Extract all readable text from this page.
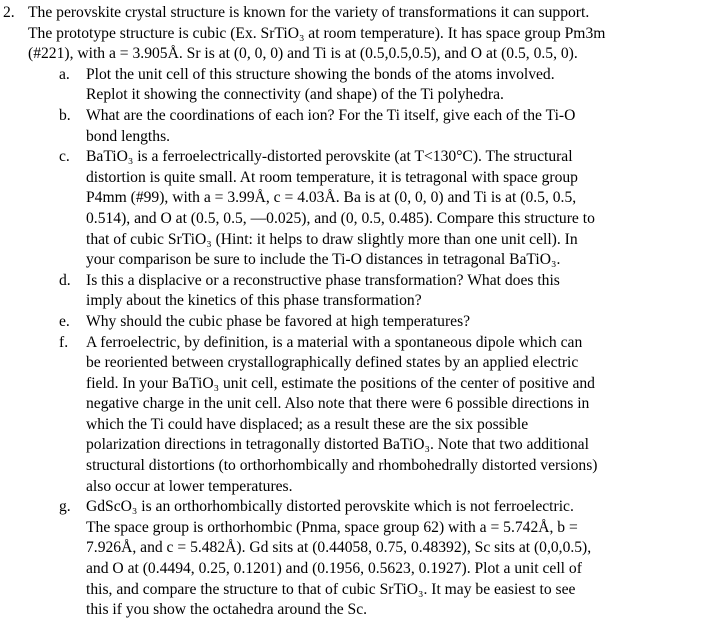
2. The perovskite crystal structure is known for the variety of transformations it can support.
The prototype structure is cubic (Ex. SrTiO₃ at room temperature). It has space group Pm3m
(#221), with a = 3.905Å. Sr is at (0, 0, 0) and Ti is at (0.5,0.5,0.5), and O at (0.5, 0.5, 0).
a. Plot the unit cell of this structure showing the bonds of the atoms involved.
Replot it showing the connectivity (and shape) of the Ti polyhedra.
b. What are the coordinations of each ion? For the Ti itself, give each of the Ti-O
bond lengths.
c. BaTiO₃ is a ferroelectrically-distorted perovskite (at T<130°C). The structural
distortion is quite small. At room temperature, it is tetragonal with space group
P4mm (#99), with a = 3.99Å, c = 4.03Å. Ba is at (0, 0, 0) and Ti is at (0.5, 0.5,
0.514), and O at (0.5, 0.5, —0.025), and (0, 0.5, 0.485). Compare this structure to
that of cubic SrTiO₃ (Hint: it helps to draw slightly more than one unit cell). In
your comparison be sure to include the Ti-O distances in tetragonal BaTiO₃.
d. Is this a displacive or a reconstructive phase transformation? What does this
imply about the kinetics of this phase transformation?
e. Why should the cubic phase be favored at high temperatures?
f. A ferroelectric, by definition, is a material with a spontaneous dipole which can
be reoriented between crystallographically defined states by an applied electric
field. In your BaTiO₃ unit cell, estimate the positions of the center of positive and
negative charge in the unit cell. Also note that there were 6 possible directions in
which the Ti could have displaced; as a result these are the six possible
polarization directions in tetragonally distorted BaTiO₃. Note that two additional
structural distortions (to orthorhombically and rhombohedrally distorted versions)
also occur at lower temperatures.
g. GdScO₃ is an orthorhombically distorted perovskite which is not ferroelectric.
The space group is orthorhombic (Pnma, space group 62) with a = 5.742Å, b =
7.926Å, and c = 5.482Å). Gd sits at (0.44058, 0.75, 0.48392), Sc sits at (0,0,0.5),
and O at (0.4494, 0.25, 0.1201) and (0.1956, 0.5623, 0.1927). Plot a unit cell of
this, and compare the structure to that of cubic SrTiO₃. It may be easiest to see
this if you show the octahedra around the Sc.
